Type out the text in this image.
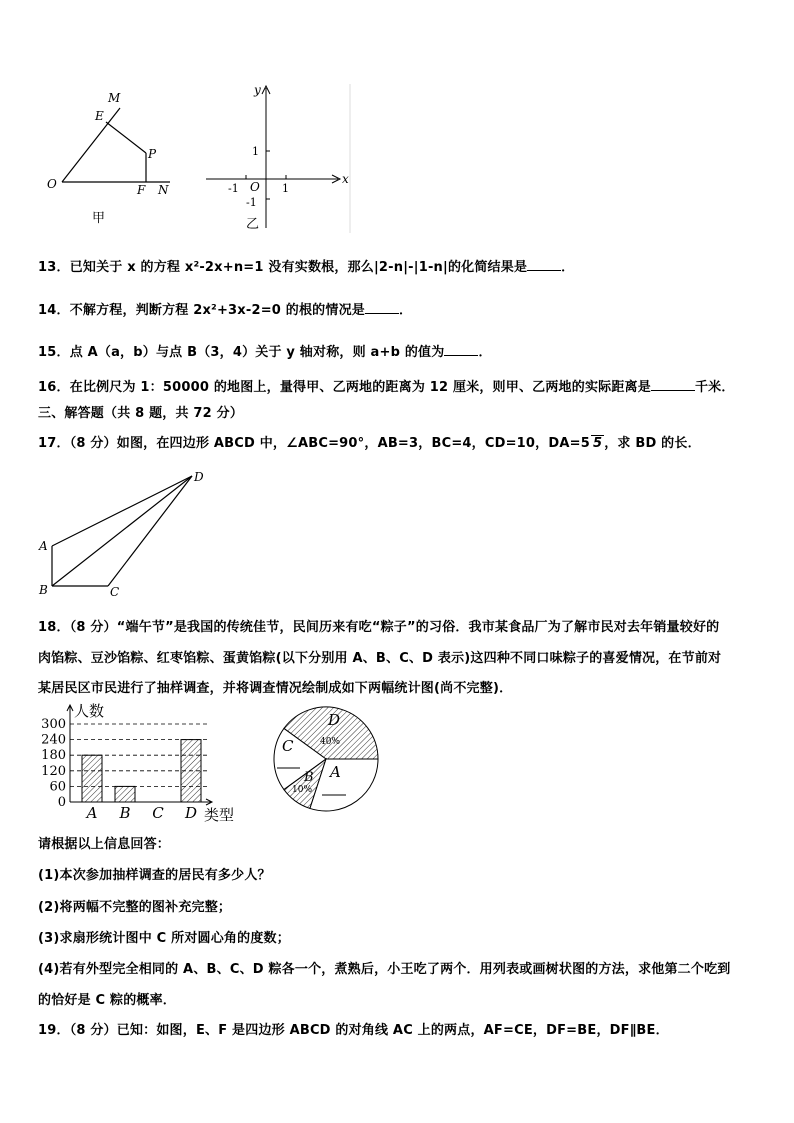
M
E
P
O	F N
甲
x
y
1
-1 O
1
-1
乙
13．已知关于 x 的方程 x²-2x+n=1 没有实数根，那么|2-n|-|1-n|的化简结果是	．
14．不解方程，判断方程 2x²+3x-2=0 的根的情况是	．
15．点 A（a，b）与点 B（3，4）关于 y 轴对称，则 a+b 的值为	．
16．在比例尺为 1：50000 的地图上，量得甲、乙两地的距离为 12 厘米，则甲、乙两地的实际距离是	千米．
三、解答题（共 8 题，共 72 分）
17．（8 分）如图，在四边形 ABCD 中，∠ABC=90°，AB=3，BC=4，CD=10，DA=5 5 ，求 BD 的长．
A
B	C
D
18．（8 分）“端午节”是我国的传统佳节，民间历来有吃“粽子”的习俗．我市某食品厂为了解市民对去年销量较好的
肉馅粽、豆沙馅粽、红枣馅粽、蛋黄馅粽(以下分别用 A、B、C、D 表示)这四种不同口味粽子的喜爱情况，在节前对
某居民区市民进行了抽样调查，并将调查情况绘制成如下两幅统计图(尚不完整)．
0
60
120
180
240
300
A B C D
人数
类型
D
40%
A
B
10%
C
请根据以上信息回答：
(1)本次参加抽样调查的居民有多少人？
(2)将两幅不完整的图补充完整；
(3)求扇形统计图中 C 所对圆心角的度数；
(4)若有外型完全相同的 A、B、C、D 粽各一个，煮熟后，小王吃了两个．用列表或画树状图的方法，求他第二个吃到
的恰好是 C 粽的概率．
19．（8 分）已知：如图，E、F 是四边形 ABCD 的对角线 AC 上的两点，AF=CE，DF=BE，DF∥BE．
